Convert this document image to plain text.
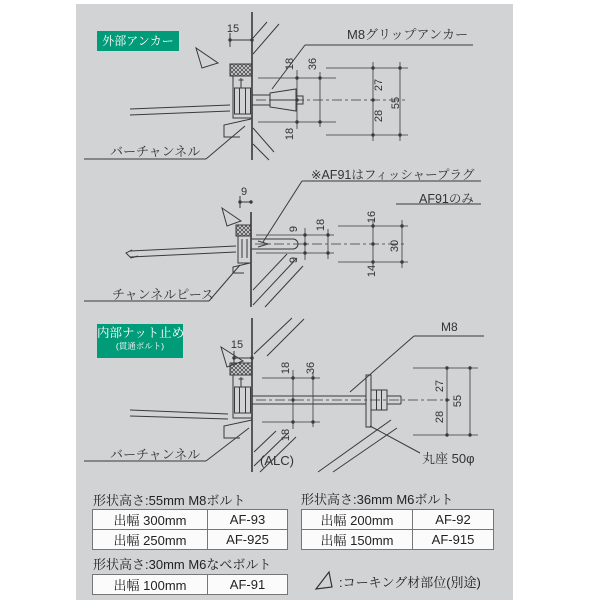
外部アンカー
内部ナット止め
(貫通ボルト)
M8グリップアンカー
バーチャンネル
15
18 36
18
27
28
55
※AF91はフィッシャープラグ
AF91のみ
チャンネルピース
9
9
9
18
16
14
30
M8
バーチャンネル	(ALC)	丸座 50φ
15
18 36
18
27
28
55
形状高さ:55mm M8ボルト
出幅 300mm	AF-93
出幅 250mm	AF-925
形状高さ:36mm M6ボルト
出幅 200mm	AF-92
出幅 150mm	AF-915
形状高さ:30mm M6なべボルト
出幅 100mm	AF-91	:コーキング材部位(別途)
